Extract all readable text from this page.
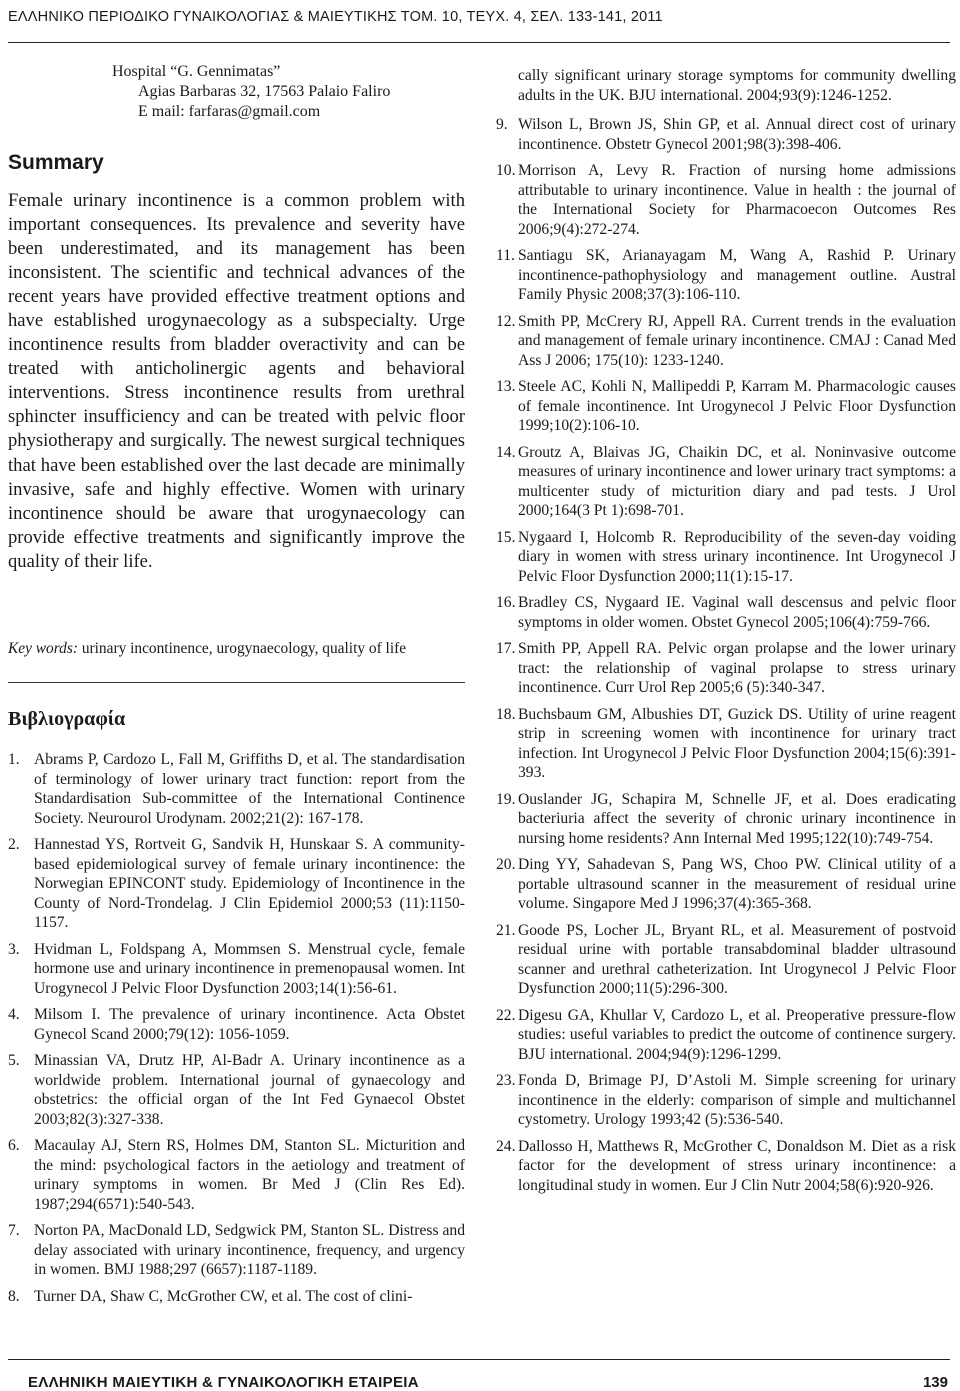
ΕΛΛΗΝΙΚΟ ΠΕΡΙΟΔΙΚΟ ΓΥΝΑΙΚΟΛΟΓΙΑΣ & ΜΑΙΕΥΤΙΚΗΣ ΤΟΜ. 10, ΤΕΥΧ. 4, ΣΕΛ. 133-141, 2011
Hospital “G. Gennimatas”
Agias Barbaras 32, 17563 Palaio Faliro
E mail: farfaras@gmail.com
Summary

Female urinary incontinence is a common problem with important consequences. Its prevalence and severity have been underestimated, and its management has been inconsistent. The scientific and technical advances of the recent years have provided effective treatment options and have established urogynaecology as a subspecialty. Urge incontinence results from bladder overactivity and can be treated with anticholinergic agents and behavioral interventions. Stress incontinence results from urethral sphincter insufficiency and can be treated with pelvic floor physiotherapy and surgically. The newest surgical techniques that have been established over the last decade are minimally invasive, safe and highly effective. Women with urinary incontinence should be aware that urogynaecology can provide effective treatments and significantly improve the quality of their life.

Key words: urinary incontinence, urogynaecology, quality of life
Βιβλιογραφία
1. Abrams P, Cardozo L, Fall M, Griffiths D, et al. The standardisation of terminology of lower urinary tract function: report from the Standardisation Sub-committee of the International Continence Society. Neurourol Urodynam. 2002;21(2): 167-178.
2. Hannestad YS, Rortveit G, Sandvik H, Hunskaar S. A community-based epidemiological survey of female urinary incontinence: the Norwegian EPINCONT study. Epidemiology of Incontinence in the County of Nord-Trondelag. J Clin Epidemiol 2000;53 (11):1150-1157.
3. Hvidman L, Foldspang A, Mommsen S. Menstrual cycle, female hormone use and urinary incontinence in premenopausal women. Int Urogynecol J Pelvic Floor Dysfunction 2003;14(1):56-61.
4. Milsom I. The prevalence of urinary incontinence. Acta Obstet Gynecol Scand 2000;79(12): 1056-1059.
5. Minassian VA, Drutz HP, Al-Badr A. Urinary incontinence as a worldwide problem. International journal of gynaecology and obstetrics: the official organ of the Int Fed Gynaecol Obstet 2003;82(3):327-338.
6. Macaulay AJ, Stern RS, Holmes DM, Stanton SL. Micturition and the mind: psychological factors in the aetiology and treatment of urinary symptoms in women. Br Med J (Clin Res Ed). 1987;294(6571):540-543.
7. Norton PA, MacDonald LD, Sedgwick PM, Stanton SL. Distress and delay associated with urinary incontinence, frequency, and urgency in women. BMJ 1988;297 (6657):1187-1189.
8. Turner DA, Shaw C, McGrother CW, et al. The cost of clini-
cally significant urinary storage symptoms for community dwelling adults in the UK. BJU international. 2004;93(9):1246-1252.
9. Wilson L, Brown JS, Shin GP, et al. Annual direct cost of urinary incontinence. Obstetr Gynecol 2001;98(3):398-406.
10. Morrison A, Levy R. Fraction of nursing home admissions attributable to urinary incontinence. Value in health : the journal of the International Society for Pharmacoecon Outcomes Res 2006;9(4):272-274.
11. Santiagu SK, Arianayagam M, Wang A, Rashid P. Urinary incontinence-pathophysiology and management outline. Austral Family Physic 2008;37(3):106-110.
12. Smith PP, McCrery RJ, Appell RA. Current trends in the evaluation and management of female urinary incontinence. CMAJ : Canad Med Ass J 2006; 175(10): 1233-1240.
13. Steele AC, Kohli N, Mallipeddi P, Karram M. Pharmacologic causes of female incontinence. Int Urogynecol J Pelvic Floor Dysfunction 1999;10(2):106-10.
14. Groutz A, Blaivas JG, Chaikin DC, et al. Noninvasive outcome measures of urinary incontinence and lower urinary tract symptoms: a multicenter study of micturition diary and pad tests. J Urol 2000;164(3 Pt 1):698-701.
15. Nygaard I, Holcomb R. Reproducibility of the seven-day voiding diary in women with stress urinary incontinence. Int Urogynecol J Pelvic Floor Dysfunction 2000;11(1):15-17.
16. Bradley CS, Nygaard IE. Vaginal wall descensus and pelvic floor symptoms in older women. Obstet Gynecol 2005;106(4):759-766.
17. Smith PP, Appell RA. Pelvic organ prolapse and the lower urinary tract: the relationship of vaginal prolapse to stress urinary incontinence. Curr Urol Rep 2005;6 (5):340-347.
18. Buchsbaum GM, Albushies DT, Guzick DS. Utility of urine reagent strip in screening women with incontinence for urinary tract infection. Int Urogynecol J Pelvic Floor Dysfunction 2004;15(6):391-393.
19. Ouslander JG, Schapira M, Schnelle JF, et al. Does eradicating bacteriuria affect the severity of chronic urinary incontinence in nursing home residents? Ann Internal Med 1995;122(10):749-754.
20. Ding YY, Sahadevan S, Pang WS, Choo PW. Clinical utility of a portable ultrasound scanner in the measurement of residual urine volume. Singapore Med J 1996;37(4):365-368.
21. Goode PS, Locher JL, Bryant RL, et al. Measurement of postvoid residual urine with portable transabdominal bladder ultrasound scanner and urethral catheterization. Int Urogynecol J Pelvic Floor Dysfunction 2000;11(5):296-300.
22. Digesu GA, Khullar V, Cardozo L, et al. Preoperative pressure-flow studies: useful variables to predict the outcome of continence surgery. BJU international. 2004;94(9):1296-1299.
23. Fonda D, Brimage PJ, D’Astoli M. Simple screening for urinary incontinence in the elderly: comparison of simple and multichannel cystometry. Urology 1993;42 (5):536-540.
24. Dallosso H, Matthews R, McGrother C, Donaldson M. Diet as a risk factor for the development of stress urinary incontinence: a longitudinal study in women. Eur J Clin Nutr 2004;58(6):920-926.
ΕΛΛΗΝΙΚΗ ΜΑΙΕΥΤΙΚΗ & ΓΥΝΑΙΚΟΛΟΓΙΚΗ ΕΤΑΙΡΕΙΑ	139
